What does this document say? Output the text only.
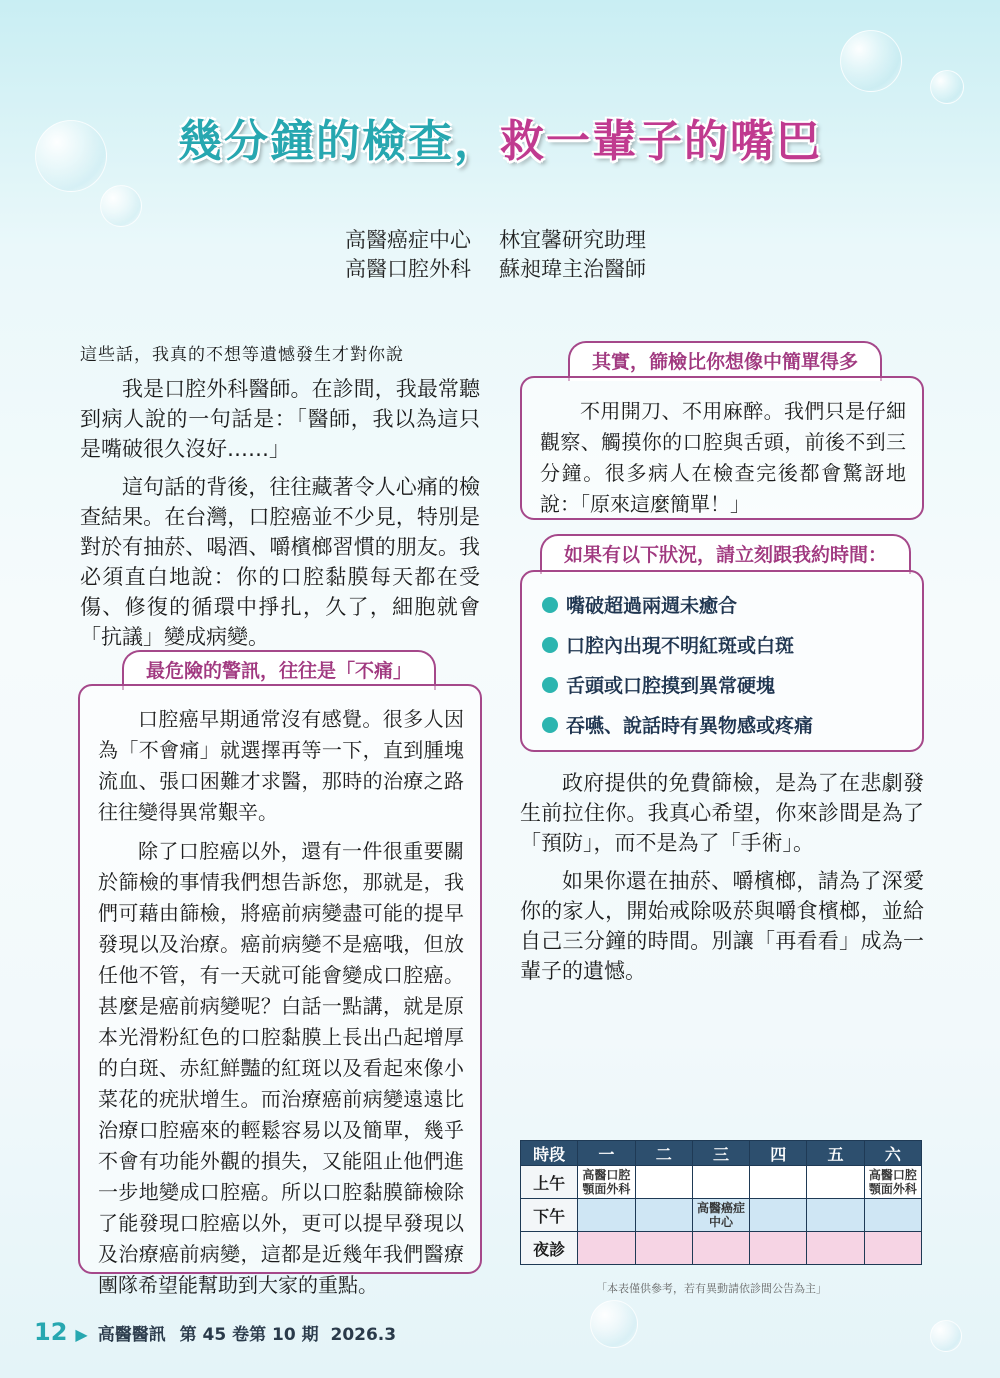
幾分鐘的檢查，救一輩子的嘴巴
高醫癌症中心 林宜馨研究助理
高醫口腔外科 蘇昶瑋主治醫師
這些話，我真的不想等遺憾發生才對你說

我是口腔外科醫師。在診間，我最常聽到病人說的一句話是：「醫師，我以為這只是嘴破很久沒好……」

這句話的背後，往往藏著令人心痛的檢查結果。在台灣，口腔癌並不少見，特別是對於有抽菸、喝酒、嚼檳榔習慣的朋友。我必須直白地說：你的口腔黏膜每天都在受傷、修復的循環中掙扎，久了，細胞就會「抗議」變成病變。

最危險的警訊，往往是「不痛」

口腔癌早期通常沒有感覺。很多人因為「不會痛」就選擇再等一下，直到腫塊流血、張口困難才求醫，那時的治療之路往往變得異常艱辛。

除了口腔癌以外，還有一件很重要關於篩檢的事情我們想告訴您，那就是，我們可藉由篩檢，將癌前病變盡可能的提早發現以及治療。癌前病變不是癌哦，但放任他不管，有一天就可能會變成口腔癌。甚麼是癌前病變呢？白話一點講，就是原本光滑粉紅色的口腔黏膜上長出凸起增厚的白斑、赤紅鮮豔的紅斑以及看起來像小菜花的疣狀增生。而治療癌前病變遠遠比治療口腔癌來的輕鬆容易以及簡單，幾乎不會有功能外觀的損失，又能阻止他們進一步地變成口腔癌。所以口腔黏膜篩檢除了能發現口腔癌以外，更可以提早發現以及治療癌前病變，這都是近幾年我們醫療團隊希望能幫助到大家的重點。

其實，篩檢比你想像中簡單得多

不用開刀、不用麻醉。我們只是仔細觀察、觸摸你的口腔與舌頭，前後不到三分鐘。很多病人在檢查完後都會驚訝地說：「原來這麼簡單！」

如果有以下狀況，請立刻跟我約時間：
嘴破超過兩週未癒合
口腔內出現不明紅斑或白斑
舌頭或口腔摸到異常硬塊
吞嚥、說話時有異物感或疼痛

政府提供的免費篩檢，是為了在悲劇發生前拉住你。我真心希望，你來診間是為了「預防」，而不是為了「手術」。

如果你還在抽菸、嚼檳榔，請為了深愛你的家人，開始戒除吸菸與嚼食檳榔，並給自己三分鐘的時間。別讓「再看看」成為一輩子的遺憾。

時段	一	二	三	四	五	六
上午	高醫口腔顎面外科					高醫口腔顎面外科

下午			高醫癌症中心			

夜診	

「本表僅供參考，若有異動請依診間公告為主」
12 ▶ 高醫醫訊 第 45 卷第 10 期 2026.3
